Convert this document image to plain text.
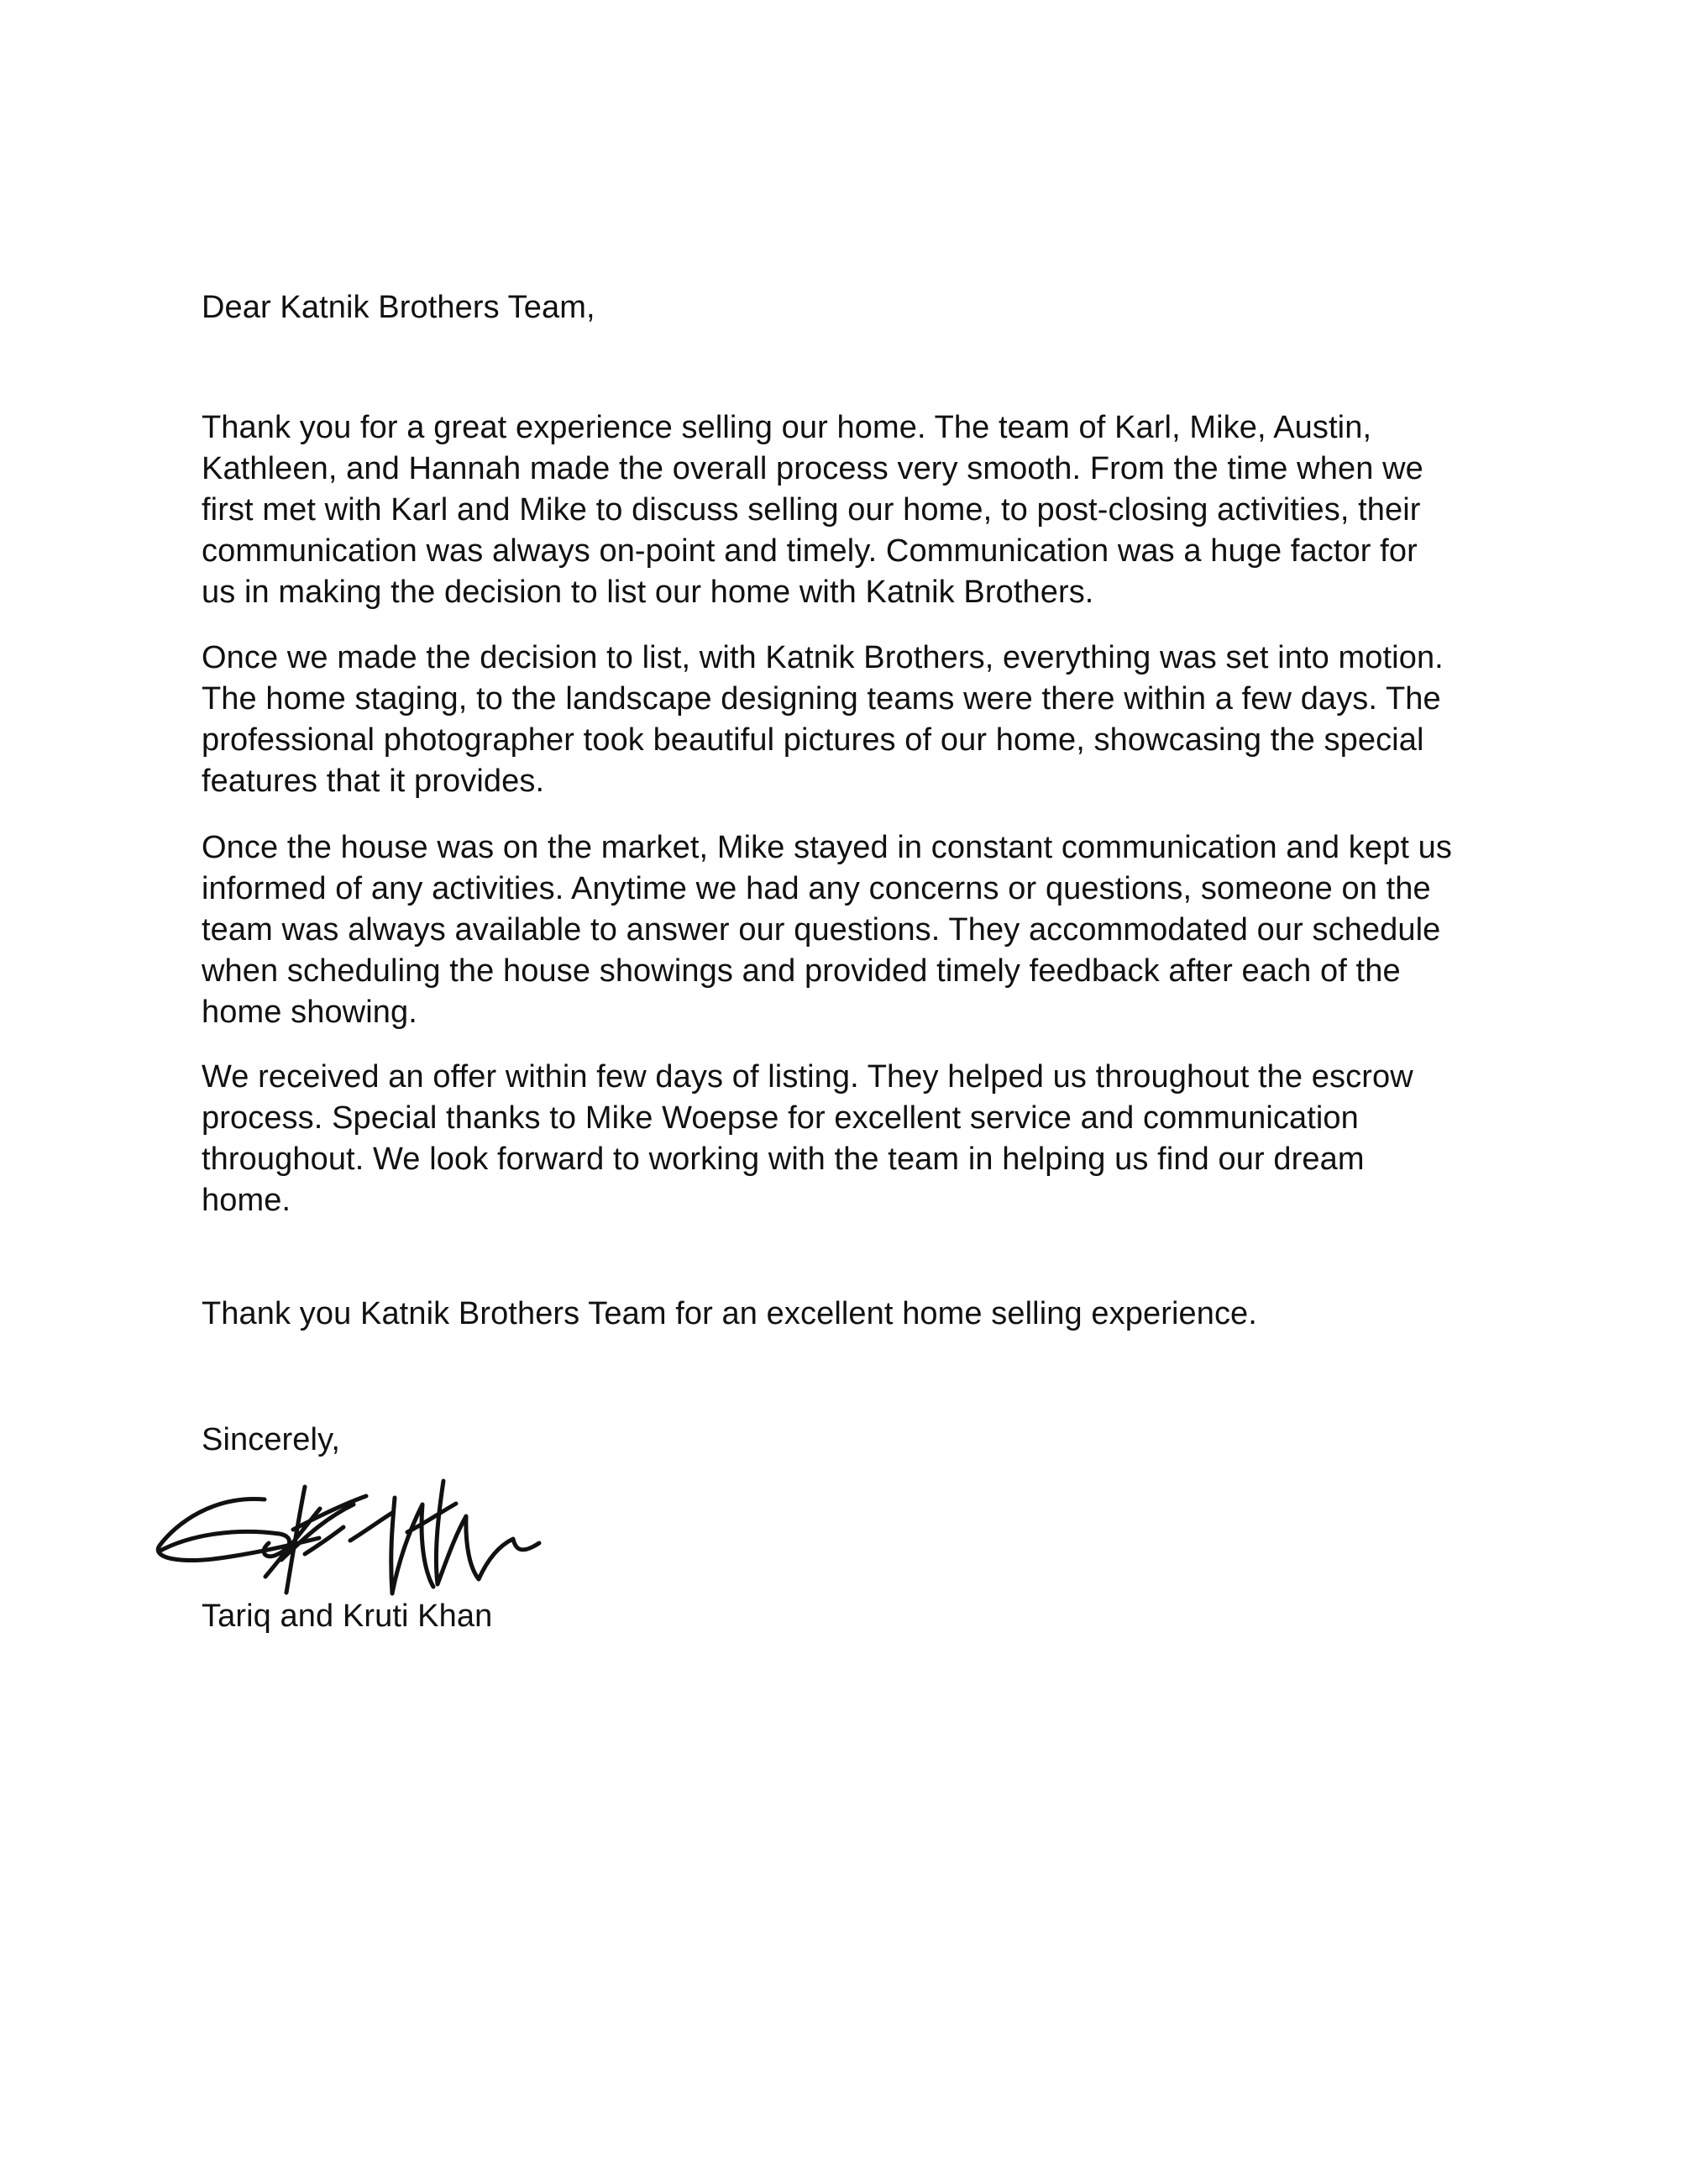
Dear Katnik Brothers Team,
Thank you for a great experience selling our home. The team of Karl, Mike, Austin,
Kathleen, and Hannah made the overall process very smooth. From the time when we
first met with Karl and Mike to discuss selling our home, to post-closing activities, their
communication was always on-point and timely. Communication was a huge factor for
us in making the decision to list our home with Katnik Brothers.
Once we made the decision to list, with Katnik Brothers, everything was set into motion.
The home staging, to the landscape designing teams were there within a few days. The
professional photographer took beautiful pictures of our home, showcasing the special
features that it provides.
Once the house was on the market, Mike stayed in constant communication and kept us
informed of any activities. Anytime we had any concerns or questions, someone on the
team was always available to answer our questions. They accommodated our schedule
when scheduling the house showings and provided timely feedback after each of the
home showing.
We received an offer within few days of listing. They helped us throughout the escrow
process. Special thanks to Mike Woepse for excellent service and communication
throughout. We look forward to working with the team in helping us find our dream
home.
Thank you Katnik Brothers Team for an excellent home selling experience.
Sincerely,
Tariq and Kruti Khan
